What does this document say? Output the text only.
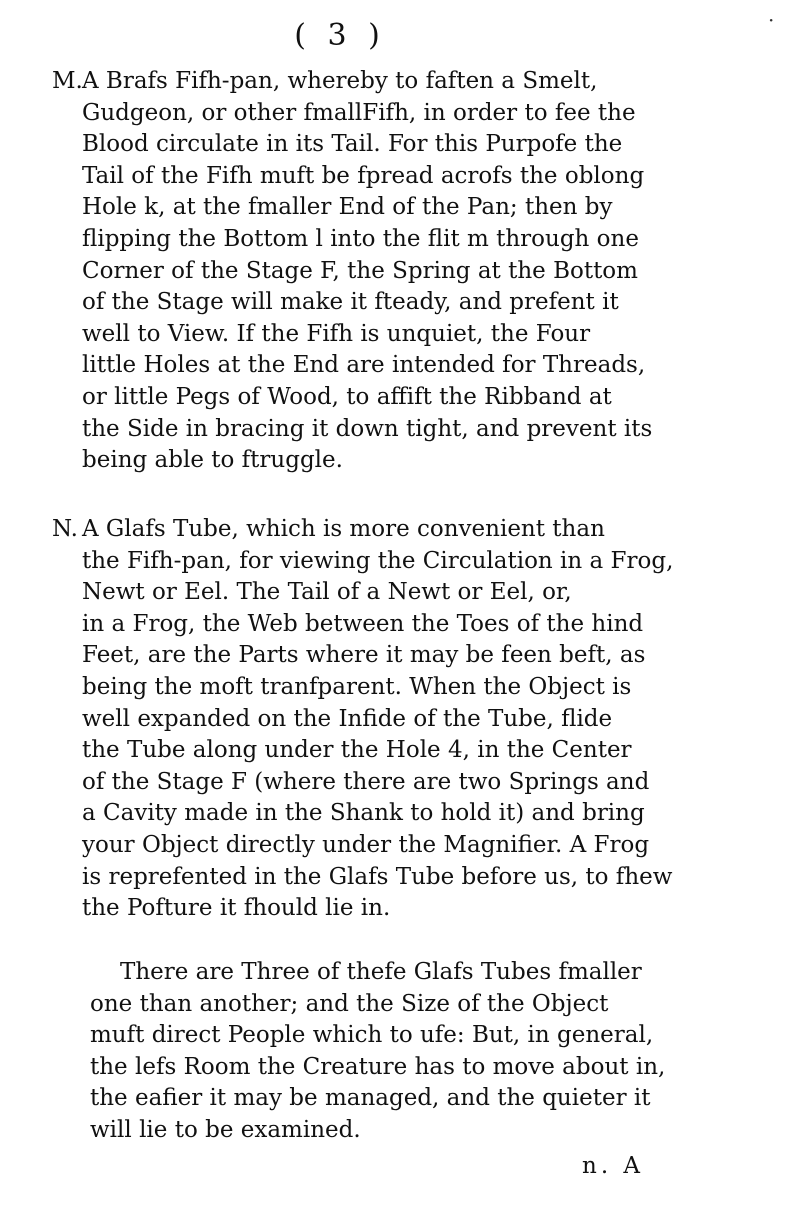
( 3 )	·
M.A Brafs Fifh-pan, whereby to faften a Smelt,
Gudgeon, or other fmallFifh, in order to fee the
Blood circulate in its Tail. For this Purpofe the
Tail of the Fifh muft be fpread acrofs the oblong
Hole k, at the fmaller End of the Pan; then by
flipping the Bottom l into the flit m through one
Corner of the Stage F, the Spring at the Bottom
of the Stage will make it fteady, and prefent it
well to View. If the Fifh is unquiet, the Four
little Holes at the End are intended for Threads,
or little Pegs of Wood, to affift the Ribband at
the Side in bracing it down tight, and prevent its
being able to ftruggle.
N. A Glafs Tube, which is more convenient than
the Fifh-pan, for viewing the Circulation in a Frog,
Newt or Eel. The Tail of a Newt or Eel, or,
in a Frog, the Web between the Toes of the hind
Feet, are the Parts where it may be feen beft, as
being the moft tranfparent. When the Object is
well expanded on the Infide of the Tube, flide
the Tube along under the Hole 4, in the Center
of the Stage F (where there are two Springs and
a Cavity made in the Shank to hold it) and bring
your Object directly under the Magnifier. A Frog
is reprefented in the Glafs Tube before us, to fhew
the Pofture it fhould lie in.
There are Three of thefe Glafs Tubes fmaller
one than another; and the Size of the Object
muft direct People which to ufe: But, in general,
the lefs Room the Creature has to move about in,
the eafier it may be managed, and the quieter it
will lie to be examined.
n. A
